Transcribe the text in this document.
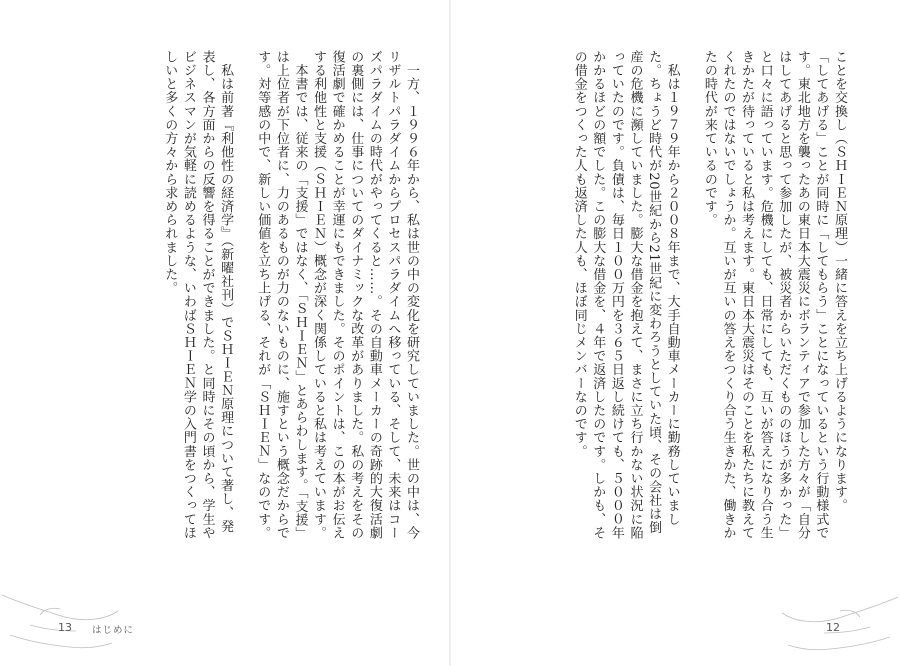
ことを交換し（ＳＨＩＥＮ原理）一緒に答えを立ち上げるようになります。
「してあげる」ことが同時に「してもらう」ことになっているという行動様式です。東北地方を襲ったあの東日本大震災にボランティアで参加した方々が「自分はしてあげると思って参加したが、被災者からいただくもののほうが多かった」と口々に語っています。危機にしても、日常にしても、互いが答えになり合う生きかたが待っていると私は考えます。東日本大震災はそのことを私たちに教えてくれたのではないでしょうか。互いが互いの答えをつくり合う生きかた、働きかたの時代が来ているのです。

　私は１９７９年から２００８年まで、大手自動車メーカーに勤務していました。ちょうど時代が20世紀から21世紀に変わろうとしていた頃、その会社は倒産の危機に瀕していました。膨大な借金を抱えて、まさに立ち行かない状況に陥っていたのです。負債は、毎日１００万円を３６５日返し続けても、５０００年かかるほどの額でした。この膨大な借金を、４年で返済したのです。しかも、その借金をつくった人も返済した人も、ほぼ同じメンバーなのです。
　一方、１９９６年から、私は世の中の変化を研究していました。世の中は、今リザルトパラダイムからプロセスパラダイムへ移っている、そして、未来はコーズパラダイムの時代がやってくると……。その自動車メーカーの奇跡的大復活劇の裏側には、仕事についてのダイナミックな改革がありました。私の考えをその復活劇で確かめることが幸運にもできました。そのポイントは、この本がお伝えする利他性と支援（ＳＨＩＥＮ）概念が深く関係していると私は考えています。
　本書では、従来の「支援」ではなく、「ＳＨＩＥＮ」とあらわします。「支援」は上位者が下位者に、力のあるものが力のないものに、施すという概念だからです。対等感の中で、新しい価値を立ち上げる、それが「ＳＨＩＥＮ」なのです。

　私は前著『利他性の経済学』（新曜社刊）でＳＨＩＥＮ原理について著し、発表し、各方面からの反響を得ることができました。と同時にその頃から、学生やビジネスマンが気軽に読めるような、いわばＳＨＩＥＮ学の入門書をつくってほしいと多くの方々から求められました。
13 はじめに	12
